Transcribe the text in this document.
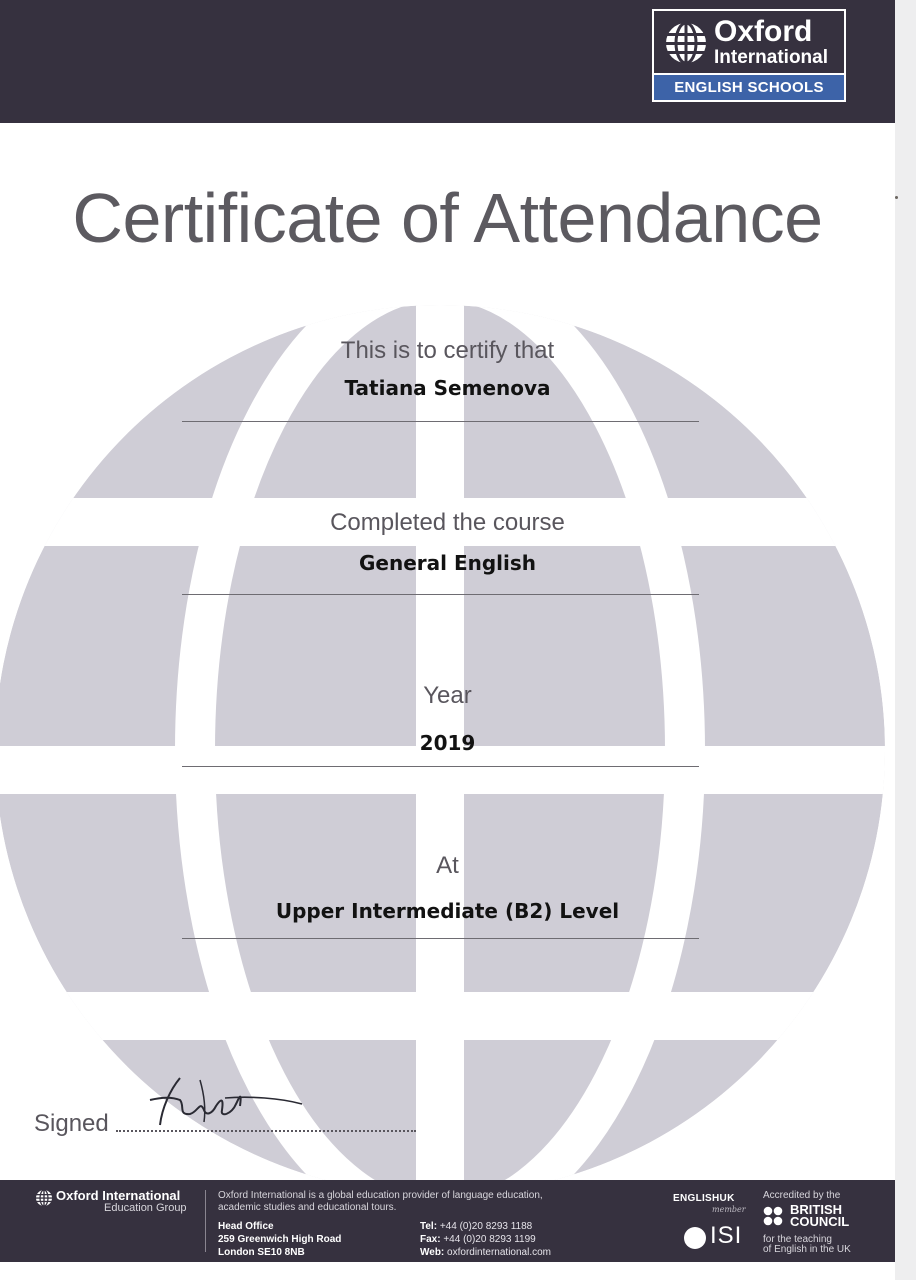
Oxford
International
ENGLISH SCHOOLS
Certificate of Attendance
This is to certify that
Tatiana Semenova
Completed the course
General English
Year
2019
At
Upper Intermediate (B2) Level
Signed
Oxford International
Education Group
Oxford International is a global education provider of language education, academic studies and educational tours.
Head Office
259 Greenwich High Road
London SE10 8NB
Tel: +44 (0)20 8293 1188
Fax: +44 (0)20 8293 1199
Web: oxfordinternational.com
ENGLISHUK
member
ISI
Accredited by the
BRITISH
COUNCIL
for the teaching
of English in the UK
